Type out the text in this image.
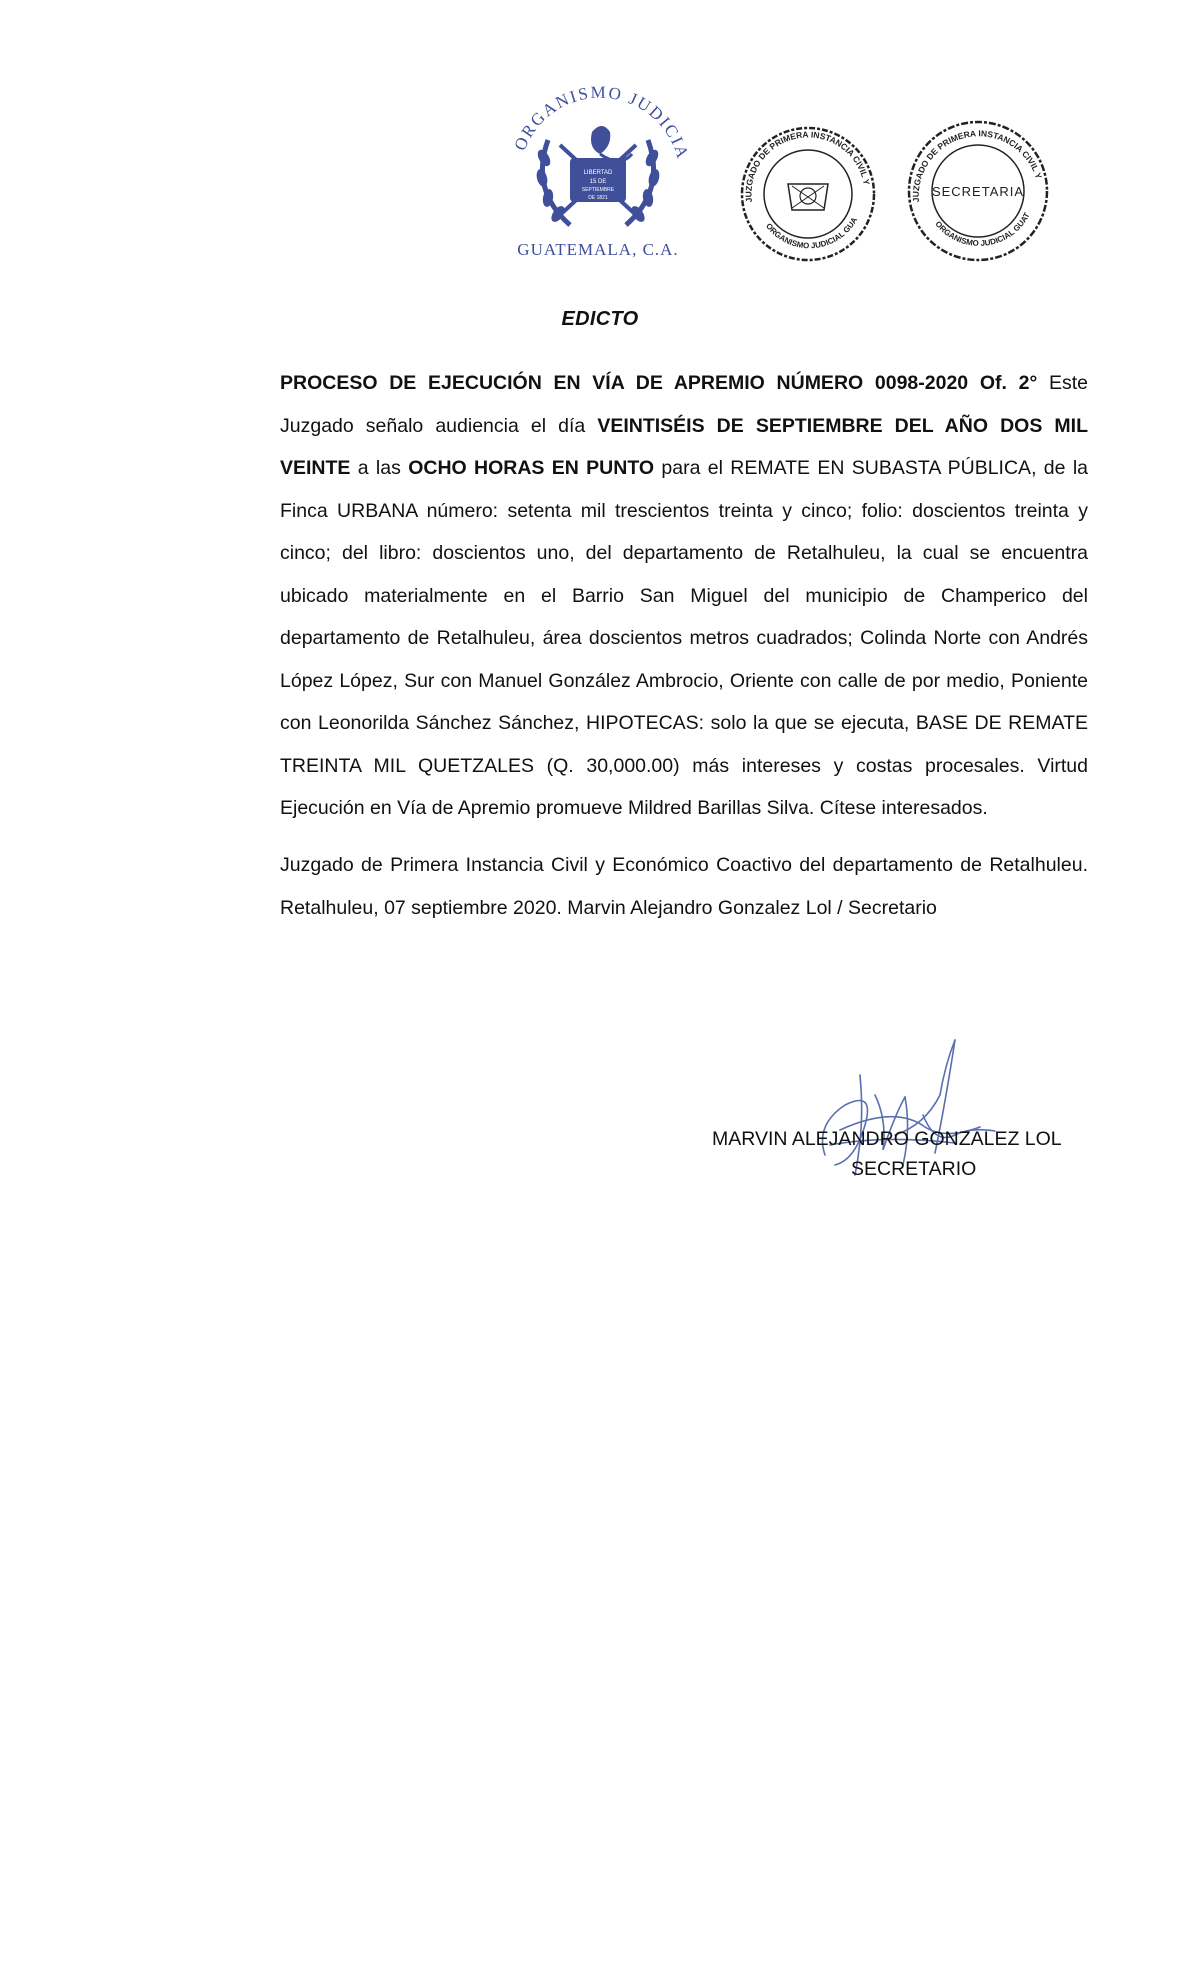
ORGANISMO JUDICIA
LIBERTAD
15 DE
SEPTIEMBRE
DE 1821
GUATEMALA, C.A.
JUZGADO DE PRIMERA INSTANCIA CIVIL Y
ORGANISMO JUDICIAL GUA
JUZGADO DE PRIMERA INSTANCIA CIVIL Y
ORGANISMO JUDICIAL GUAT
SECRETARIA
EDICTO

PROCESO DE EJECUCIÓN EN VÍA DE APREMIO NÚMERO 0098-2020 Of. 2° Este Juzgado señalo audiencia el día VEINTISÉIS DE SEPTIEMBRE DEL AÑO DOS MIL VEINTE a las OCHO HORAS EN PUNTO para el REMATE EN SUBASTA PÚBLICA, de la Finca URBANA número: setenta mil trescientos treinta y cinco; folio: doscientos treinta y cinco; del libro: doscientos uno, del departamento de Retalhuleu, la cual se encuentra ubicado materialmente en el Barrio San Miguel del municipio de Champerico del departamento de Retalhuleu, área doscientos metros cuadrados; Colinda Norte con Andrés López López, Sur con Manuel González Ambrocio, Oriente con calle de por medio, Poniente con Leonorilda Sánchez Sánchez, HIPOTECAS: solo la que se ejecuta, BASE DE REMATE TREINTA MIL QUETZALES (Q. 30,000.00) más intereses y costas procesales. Virtud Ejecución en Vía de Apremio promueve Mildred Barillas Silva. Cítese interesados.

Juzgado de Primera Instancia Civil y Económico Coactivo del departamento de Retalhuleu. Retalhuleu, 07 septiembre 2020. Marvin Alejandro Gonzalez Lol / Secretario

MARVIN ALEJANDRO GONZALEZ LOL
SECRETARIO
